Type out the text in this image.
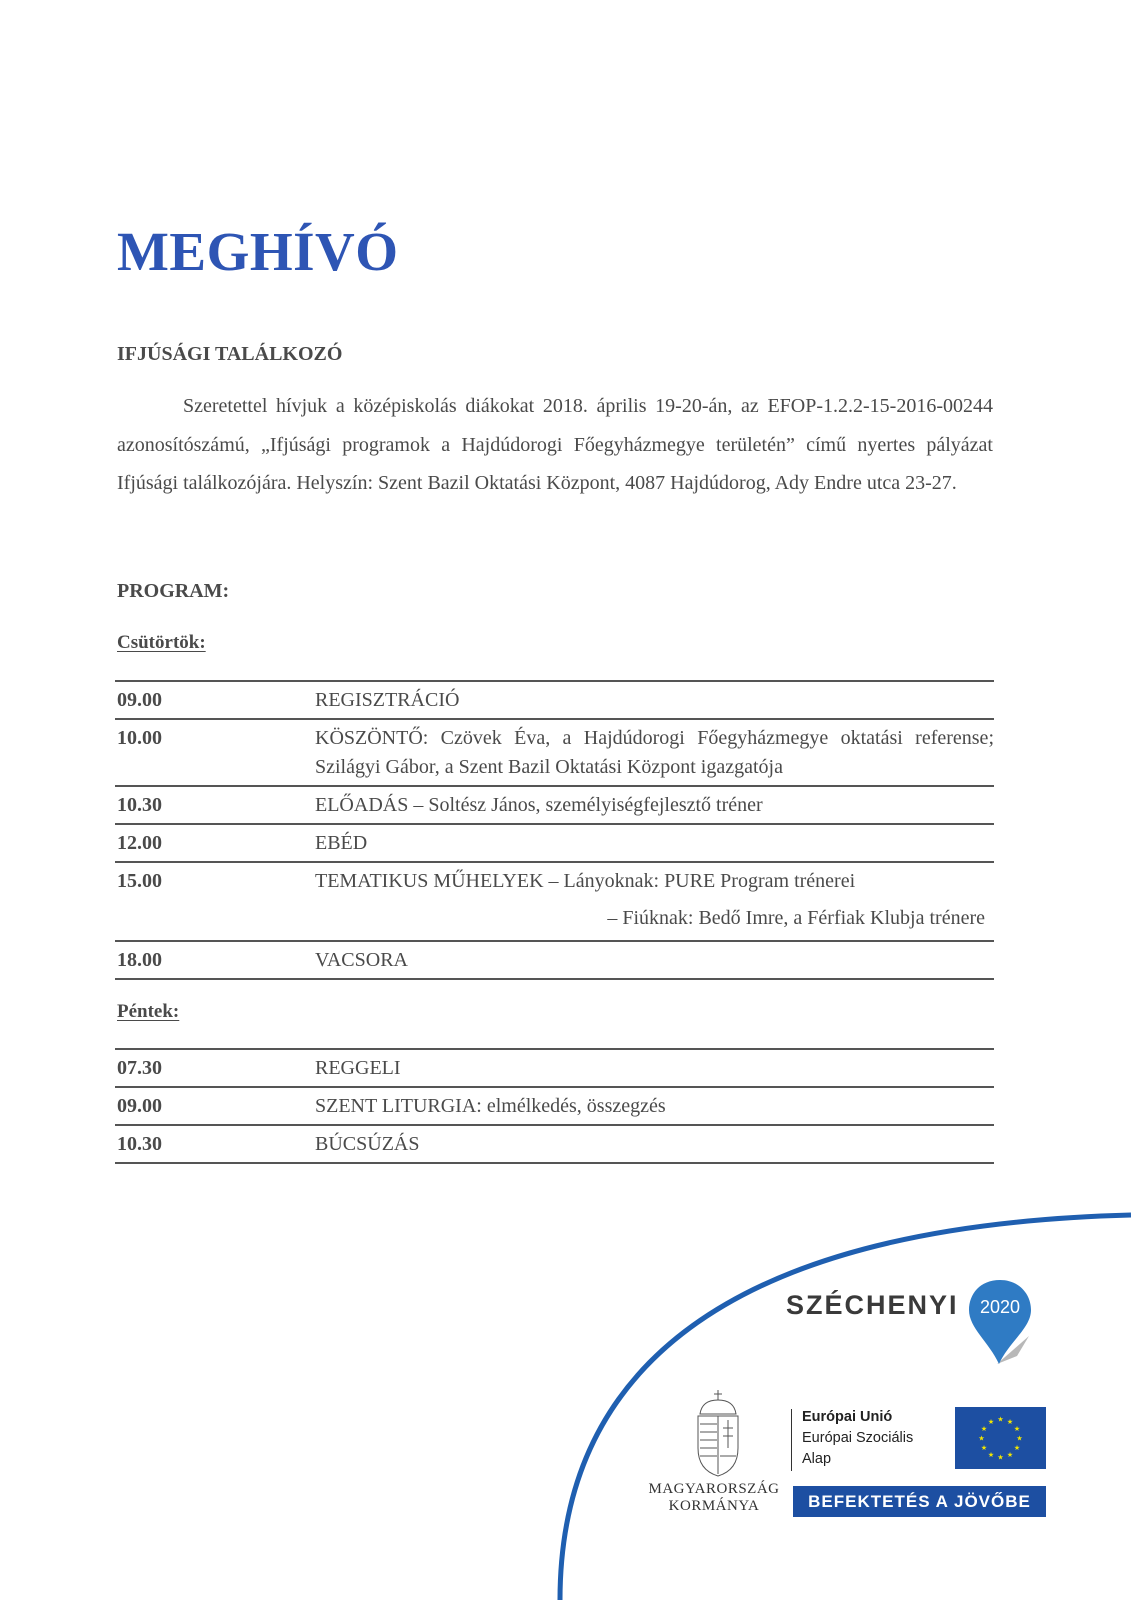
MEGHÍVÓ
IFJÚSÁGI TALÁLKOZÓ

Szeretettel hívjuk a középiskolás diákokat 2018. április 19-20-án, az EFOP-1.2.2-15-2016-00244 azonosítószámú, „Ifjúsági programok a Hajdúdorogi Főegyházmegye területén” című nyertes pályázat Ifjúsági találkozójára. Helyszín: Szent Bazil Oktatási Központ, 4087 Hajdúdorog, Ady Endre utca 23-27.

PROGRAM:

Csütörtök:

09.00	REGISZTRÁCIÓ
10.00	KÖSZÖNTŐ: Czövek Éva, a Hajdúdorogi Főegyházmegye oktatási referense; Szilágyi Gábor, a Szent Bazil Oktatási Központ igazgatója
10.30	ELŐADÁS – Soltész János, személyiségfejlesztő tréner
12.00	EBÉD
15.00	TEMATIKUS MŰHELYEK – Lányoknak: PURE Program trénerei
– Fiúknak: Bedő Imre, a Férfiak Klubja trénere

18.00	VACSORA

Péntek:

07.30	REGGELI
09.00	SZENT LITURGIA: elmélkedés, összegzés
10.30	BÚCSÚZÁS
SZÉCHENYI	2020
MAGYARORSZÁG
KORMÁNYA
Európai Unió
Európai Szociális
Alap
★ ★
★
★
★
★
★
★
★
★
★
★
BEFEKTETÉS A JÖVŐBE
